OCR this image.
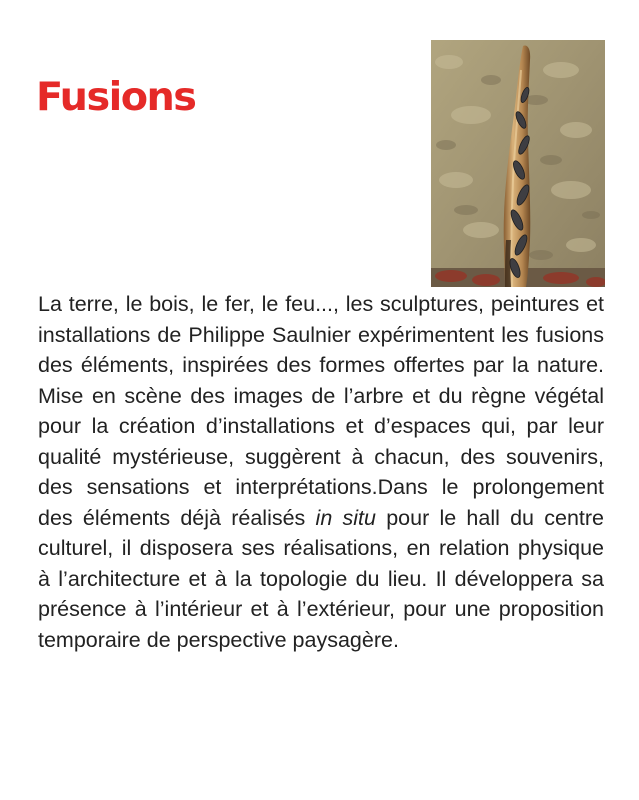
Fusions

La terre, le bois, le fer, le feu..., les sculptures, peintures et installations de Philippe Saulnier expérimentent les fusions des éléments, inspirées des formes offertes par la nature. Mise en scène des images de l’arbre et du règne végétal pour la création d’installations et d’espaces qui, par leur qualité mystérieuse, suggèrent à chacun, des souvenirs, des sensations et interprétations.Dans le prolongement des éléments déjà réalisés in situ pour le hall du centre culturel, il disposera ses réalisations, en relation physique à l’architecture et à la topologie du lieu. Il développera sa présence à l’intérieur et à l’extérieur, pour une proposition temporaire de perspective paysagère.
